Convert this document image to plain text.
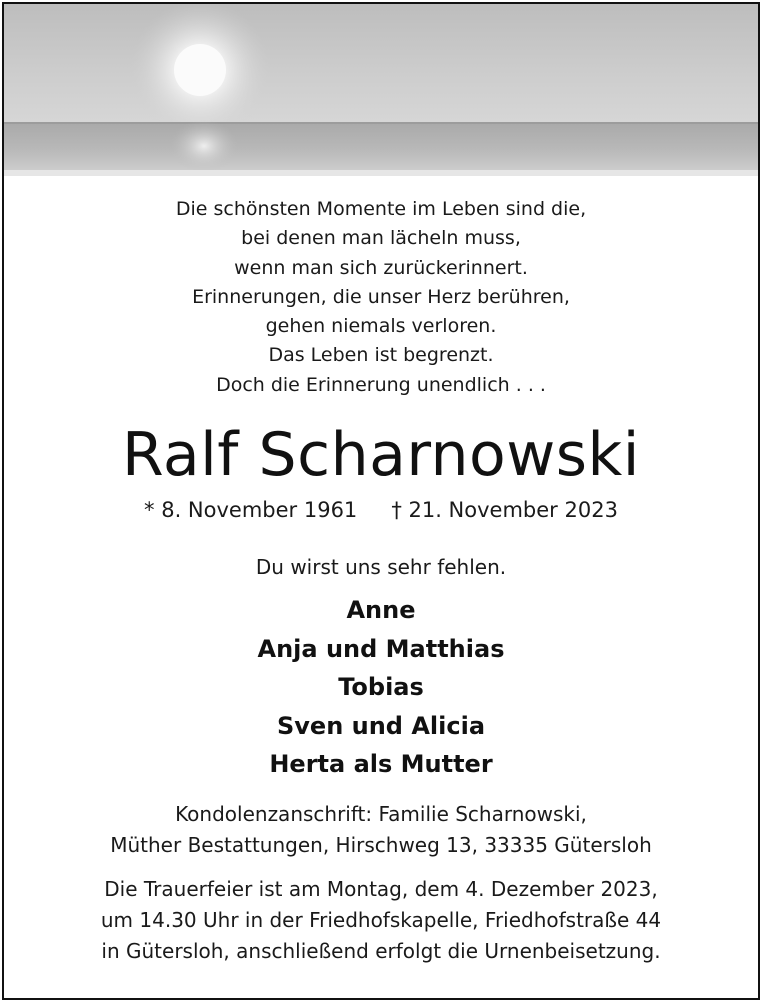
Die schönsten Momente im Leben sind die,
bei denen man lächeln muss,
wenn man sich zurückerinnert.
Erinnerungen, die unser Herz berühren,
gehen niemals verloren.
Das Leben ist begrenzt.
Doch die Erinnerung unendlich . . .
Ralf Scharnowski
* 8. November 1961 † 21. November 2023
Du wirst uns sehr fehlen.
Anne
Anja und Matthias
Tobias
Sven und Alicia
Herta als Mutter
Kondolenzanschrift: Familie Scharnowski,
Müther Bestattungen, Hirschweg 13, 33335 Gütersloh
Die Trauerfeier ist am Montag, dem 4. Dezember 2023,
um 14.30 Uhr in der Friedhofskapelle, Friedhofstraße 44
in Gütersloh, anschließend erfolgt die Urnenbeisetzung.
